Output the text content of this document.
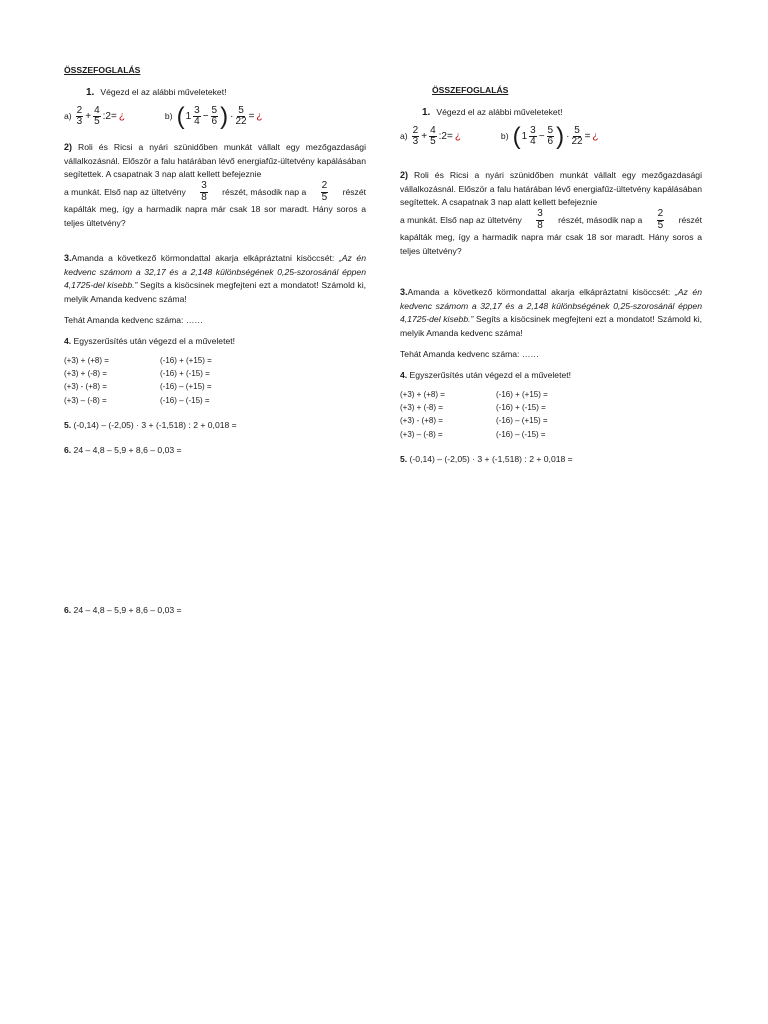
ÖSSZEFOGLALÁS
1. Végezd el az alábbi műveleteket!
$a) \frac{2}{3} + \frac{4}{5}$ :2= ¿	b) ( $1 \frac{3}{4} - \frac{5}{6}$ ) · $\frac{5}{22}$ = ¿
2) Roli és Ricsi a nyári szünidőben munkát vállalt egy mezőgazdasági vállalkozásnál. Először a falu határában lévő energiafűz-ültetvény kapálásában segítettek. A csapatnak 3 nap alatt kellett befejeznie
a munkát. Első nap az ültetvény $\frac{3}{8}$ részét, második nap a $\frac{2}{5}$ részét
kapálták meg, így a harmadik napra már csak 18 sor maradt. Hány soros a teljes ültetvény?
3.Amanda a következő körmondattal akarja elkápráztatni kisöccsét: „Az én kedvenc számom a 32,17 és a 2,148 különbségének 0,25-szorosánál éppen 4,1725-del kisebb.” Segíts a kisöcsinek megfejteni ezt a mondatot! Számold ki, melyik Amanda kedvenc száma!
Tehát Amanda kedvenc száma: ……
4. Egyszerűsítés után végezd el a műveletet!
(+3) + (+8) =	(-16) + (+15) =
(+3) + (-8) =	(-16) + (-15) =
(+3) - (+8) =	(-16) – (+15) =
(+3) – (-8) =	(-16) – (-15) =
5. (-0,14) – (-2,05) · 3 + (-1,518) : 2 + 0,018 =
6. 24 – 4,8 – 5,9 + 8,6 – 0,03 =
6. 24 – 4,8 – 5,9 + 8,6 – 0,03 =
ÖSSZEFOGLALÁS
1. Végezd el az alábbi műveleteket!
$a) \frac{2}{3} + \frac{4}{5}$ :2= ¿	b) ( $1 \frac{3}{4} - \frac{5}{6}$ ) · $\frac{5}{22}$ = ¿
2) Roli és Ricsi a nyári szünidőben munkát vállalt egy mezőgazdasági vállalkozásnál. Először a falu határában lévő energiafűz-ültetvény kapálásában segítettek. A csapatnak 3 nap alatt kellett befejeznie
a munkát. Első nap az ültetvény $\frac{3}{8}$ részét, második nap a $\frac{2}{5}$ részét
kapálták meg, így a harmadik napra már csak 18 sor maradt. Hány soros a teljes ültetvény?
3.Amanda a következő körmondattal akarja elkápráztatni kisöccsét: „Az én kedvenc számom a 32,17 és a 2,148 különbségének 0,25-szorosánál éppen 4,1725-del kisebb.” Segíts a kisöcsinek megfejteni ezt a mondatot! Számold ki, melyik Amanda kedvenc száma!
Tehát Amanda kedvenc száma: ……
4. Egyszerűsítés után végezd el a műveletet!
(+3) + (+8) =	(-16) + (+15) =
(+3) + (-8) =	(-16) + (-15) =
(+3) - (+8) =	(-16) – (+15) =
(+3) – (-8) =	(-16) – (-15) =
5. (-0,14) – (-2,05) · 3 + (-1,518) : 2 + 0,018 =
